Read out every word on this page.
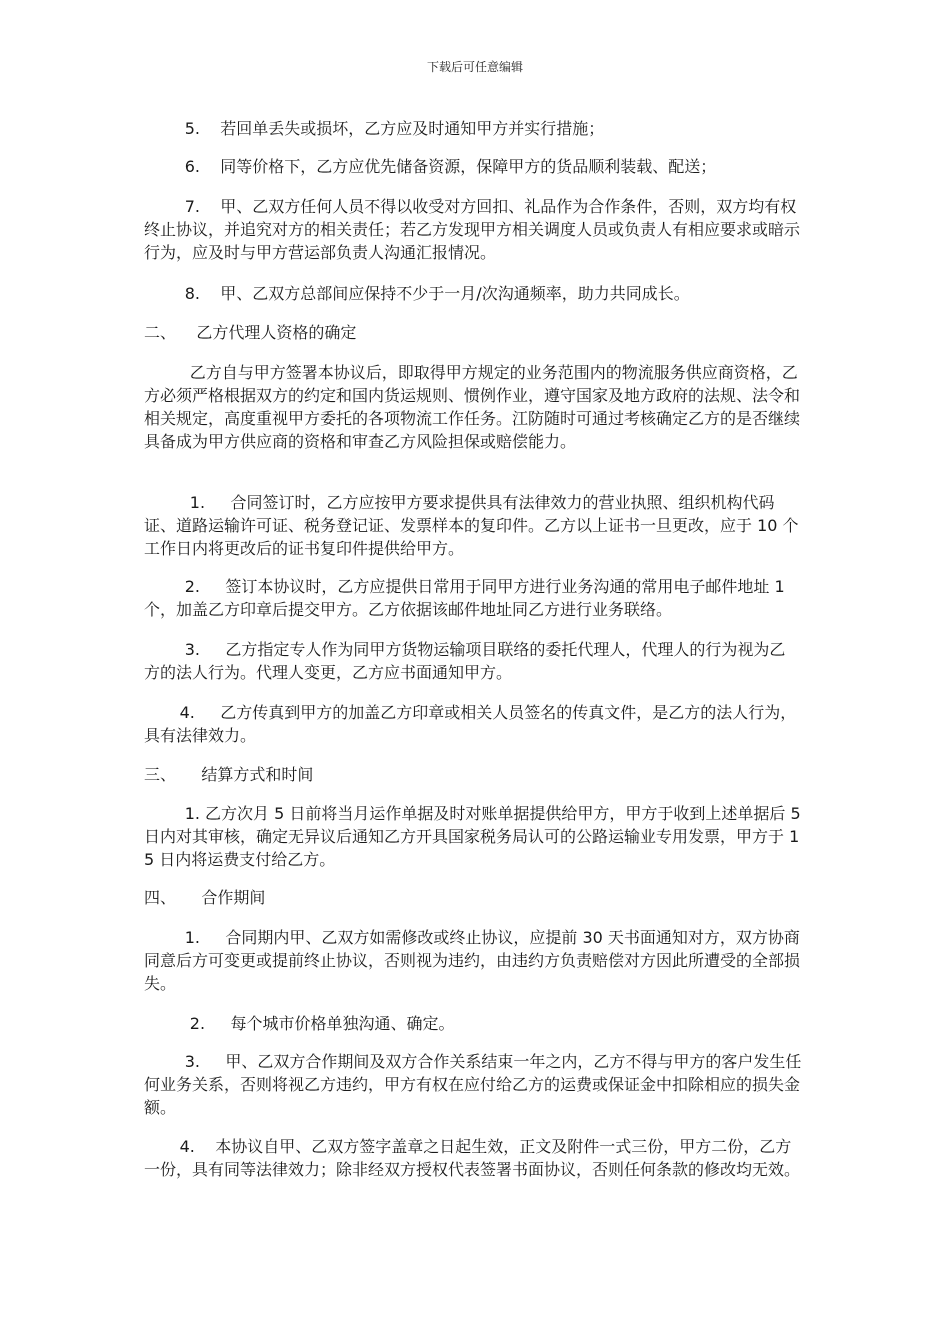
下载后可任意编辑

5.    若回单丢失或损坏，乙方应及时通知甲方并实行措施；

6.    同等价格下，乙方应优先储备资源，保障甲方的货品顺利装载、配送；

7.    甲、乙双方任何人员不得以收受对方回扣、礼品作为合作条件，否则，双方均有权终止协议，并追究对方的相关责任；若乙方发现甲方相关调度人员或负责人有相应要求或暗示行为，应及时与甲方营运部负责人沟通汇报情况。

8.    甲、乙双方总部间应保持不少于一月/次沟通频率，助力共同成长。

二、    乙方代理人资格的确定

乙方自与甲方签署本协议后，即取得甲方规定的业务范围内的物流服务供应商资格，乙方必须严格根据双方的约定和国内货运规则、惯例作业，遵守国家及地方政府的法规、法令和相关规定，高度重视甲方委托的各项物流工作任务。江防随时可通过考核确定乙方的是否继续具备成为甲方供应商的资格和审查乙方风险担保或赔偿能力。

1.     合同签订时，乙方应按甲方要求提供具有法律效力的营业执照、组织机构代码证、道路运输许可证、税务登记证、发票样本的复印件。乙方以上证书一旦更改，应于 10 个工作日内将更改后的证书复印件提供给甲方。

2.     签订本协议时，乙方应提供日常用于同甲方进行业务沟通的常用电子邮件地址 1 个，加盖乙方印章后提交甲方。乙方依据该邮件地址同乙方进行业务联络。

3.     乙方指定专人作为同甲方货物运输项目联络的委托代理人，代理人的行为视为乙    方的法人行为。代理人变更，乙方应书面通知甲方。

4.     乙方传真到甲方的加盖乙方印章或相关人员签名的传真文件，是乙方的法人行为，     具有法律效力。

三、     结算方式和时间

1. 乙方次月 5 日前将当月运作单据及时对账单据提供给甲方，甲方于收到上述单据后 5 日内对其审核，确定无异议后通知乙方开具国家税务局认可的公路运输业专用发票，甲方于 15 日内将运费支付给乙方。

四、     合作期间

1.     合同期内甲、乙双方如需修改或终止协议，应提前 30 天书面通知对方，双方协商同意后方可变更或提前终止协议，否则视为违约，由违约方负责赔偿对方因此所遭受的全部损失。

2.     每个城市价格单独沟通、确定。

3.     甲、乙双方合作期间及双方合作关系结束一年之内，乙方不得与甲方的客户发生任何业务关系，否则将视乙方违约，甲方有权在应付给乙方的运费或保证金中扣除相应的损失金额。

4.    本协议自甲、乙双方签字盖章之日起生效，正文及附件一式三份，甲方二份，乙方一份，具有同等法律效力；除非经双方授权代表签署书面协议，否则任何条款的修改均无效。
